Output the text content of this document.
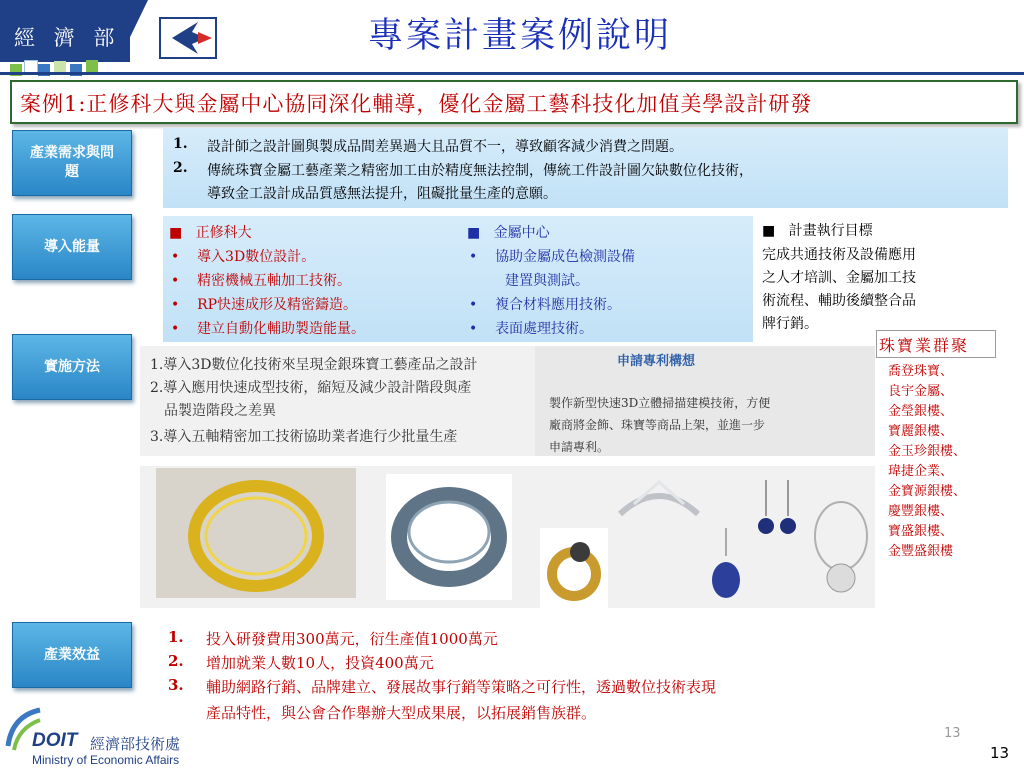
經 濟 部	專案計畫案例說明
案例1:正修科大與金屬中心協同深化輔導，優化金屬工藝科技化加值美學設計研發
產業需求與問題
1. 設計師之設計圖與製成品間差異過大且品質不一，導致顧客減少消費之問題。
2. 傳統珠寶金屬工藝產業之精密加工由於精度無法控制，傳統工件設計圖欠缺數位化技術，
導致金工設計成品質感無法提升，阻礙批量生產的意願。
導入能量
■   正修科大
•    導入3D數位設計。
•    精密機械五軸加工技術。
•    RP快速成形及精密鑄造。
•    建立自動化輔助製造能量。
■   金屬中心
•    協助金屬成色檢測設備
建置與測試。
•    複合材料應用技術。
•    表面處理技術。
■   計畫執行目標
完成共通技術及設備應用
之人才培訓、金屬加工技
術流程、輔助後續整合品
牌行銷。
實施方法	1.導入3D數位化技術來呈現金銀珠寶工藝產品之設計
2.導入應用快速成型技術，縮短及減少設計階段與產
品製造階段之差異
3.導入五軸精密加工技術協助業者進行少批量生產
申請專利構想
製作新型快速3D立體掃描建模技術，方便
廠商將金飾、珠寶等商品上架，並進一步
申請專利。
珠寶業群聚
喬登珠寶、
良宇金屬、
金瑩銀樓、
寶麗銀樓、
金玉珍銀樓、
瑋捷企業、
金寶源銀樓、
慶豐銀樓、
寶盛銀樓、
金豐盛銀樓
產業效益
1. 投入研發費用300萬元，衍生產值1000萬元
2. 增加就業人數10人，投資400萬元
3. 輔助網路行銷、品牌建立、發展故事行銷等策略之可行性，透過數位技術表現
產品特性，與公會合作舉辦大型成果展，以拓展銷售族群。
DOIT 經濟部技術處
Ministry of Economic Affairs
13
13
